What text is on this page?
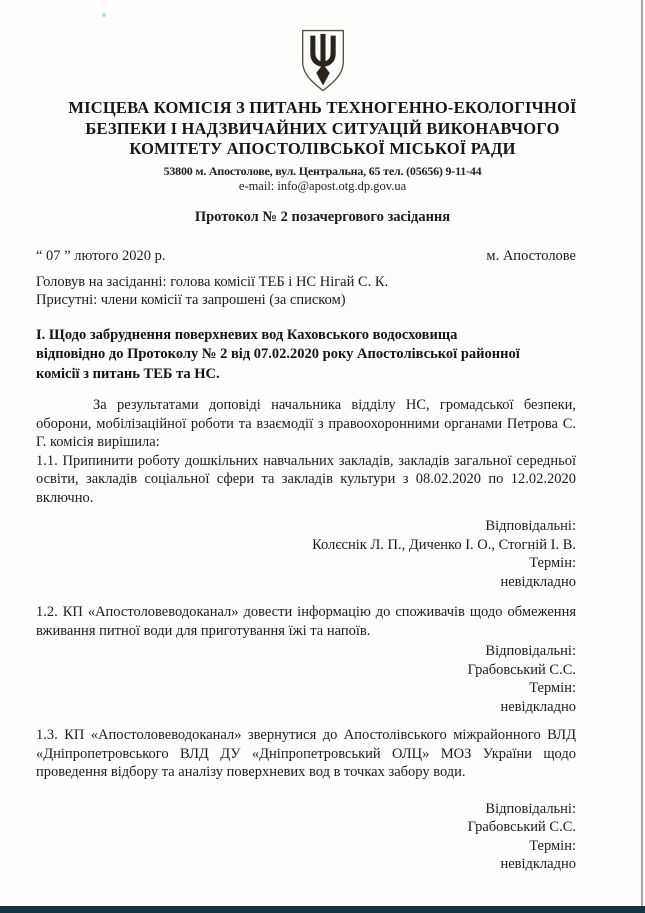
МІСЦЕВА КОМІСІЯ З ПИТАНЬ ТЕХНОГЕННО-ЕКОЛОГІЧНОЇ
БЕЗПЕКИ І НАДЗВИЧАЙНИХ СИТУАЦІЙ ВИКОНАВЧОГО
КОМІТЕТУ АПОСТОЛІВСЬКОЇ МІСЬКОЇ РАДИ
53800 м. Апостолове, вул. Центральна, 65 тел. (05656) 9-11-44
e-mail: info@apost.otg.dp.gov.ua
Протокол № 2 позачергового засідання
“ 07 ” лютого 2020 р.	м. Апостолове
Головув на засіданні: голова комісії ТЕБ і НС Нігай С. К.
Присутні: члени комісії та запрошені (за списком)
І. Щодо забруднення поверхневих вод Каховського водосховища
відповідно до Протоколу № 2 від 07.02.2020 року Апостолівської районної
комісії з питань ТЕБ та НС.

За результатами доповіді начальника відділу НС, громадської безпеки, оборони, мобілізаційної роботи та взаємодії з правоохоронними органами Петрова С. Г. комісія вирішила:

1.1. Припинити роботу дошкільних навчальних закладів, закладів загальної середньої освіти, закладів соціальної сфери та закладів культури з 08.02.2020 по 12.02.2020 включно.

Відповідальні:
Колєснік Л. П., Диченко І. О., Стогній І. В.
Термін:
невідкладно

1.2. КП «Апостоловеводоканал» довести інформацію до споживачів щодо обмеження вживання питної води для приготування їжі та напоїв.

Відповідальні:
Грабовський С.С.
Термін:
невідкладно

1.3. КП «Апостоловеводоканал» звернутися до Апостолівського міжрайонного ВЛД «Дніпропетровського ВЛД ДУ «Дніпропетровський ОЛЦ» МОЗ України щодо проведення відбору та аналізу поверхневих вод в точках забору води.

Відповідальні:
Грабовський С.С.
Термін:
невідкладно
